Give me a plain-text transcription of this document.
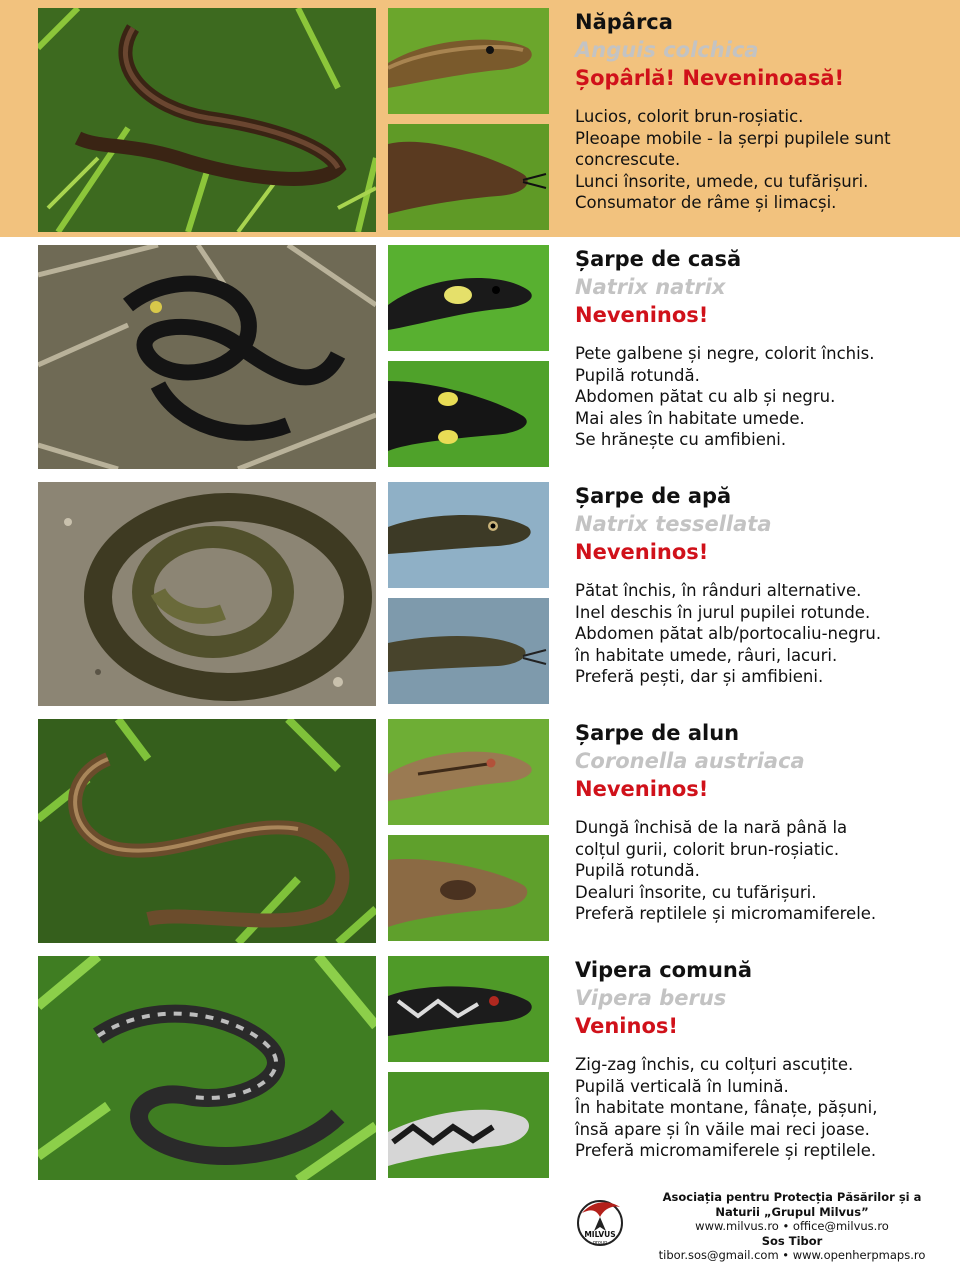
Năpârca
Anguis colchica
Șopârlă! Neveninoasă!
Lucios, colorit brun-roșiatic.
Pleoape mobile - la șerpi pupilele sunt
concrescute.
Lunci însorite, umede, cu tufărișuri.
Consumator de râme și limacși.
Șarpe de casă
Natrix natrix
Neveninos!
Pete galbene și negre, colorit închis.
Pupilă rotundă.
Abdomen pătat cu alb și negru.
Mai ales în habitate umede.
Se hrănește cu amfibieni.
Șarpe de apă
Natrix tessellata
Neveninos!
Pătat închis, în rânduri alternative.
Inel deschis în jurul pupilei rotunde.
Abdomen pătat alb/portocaliu-negru.
în habitate umede, râuri, lacuri.
Preferă pești, dar și amfibieni.
Șarpe de alun
Coronella austriaca
Neveninos!
Dungă închisă de la nară până la
colțul gurii, colorit brun-roșiatic.
Pupilă rotundă.
Dealuri însorite, cu tufărișuri.
Preferă reptilele și micromamiferele.
Vipera comună
Vipera berus
Veninos!
Zig-zag închis, cu colțuri ascuțite.
Pupilă verticală în lumină.
În habitate montane, fânațe, pășuni,
însă apare și în văile mai reci joase.
Preferă micromamiferele și reptilele.
MILVUS
group
Asociația pentru Protecția Păsărilor și a
Naturii „Grupul Milvus”
www.milvus.ro • office@milvus.ro
Sos Tibor
tibor.sos@gmail.com • www.openherpmaps.ro
